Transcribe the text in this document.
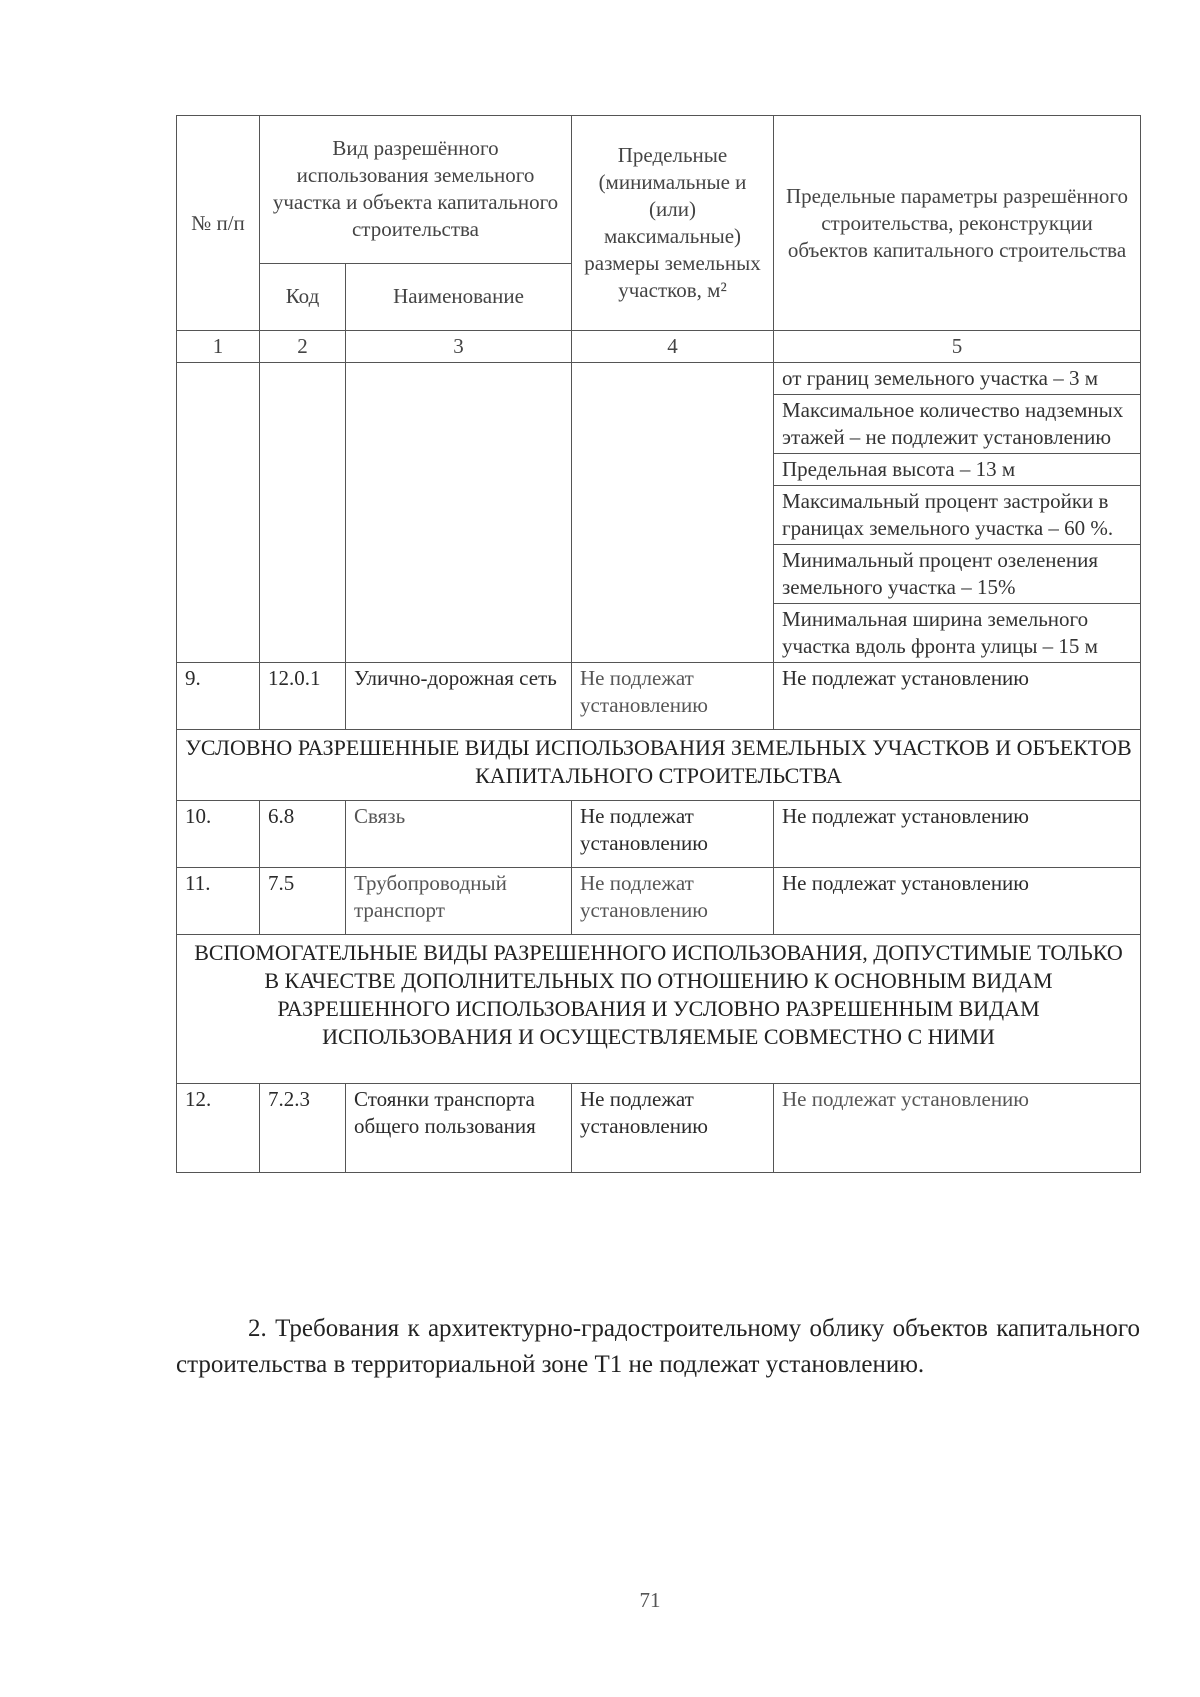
№ п/п	Вид разрешённого использования земельного участка и объекта капитального строительства		Предельные (минимальные и (или) максимальные) размеры земельных участков, м²	Предельные параметры разрешённого строительства, реконструкции объектов капитального строительства
	Код	Наименование		
1	2	3	4	5
				от границ земельного участка – 3 м
				Максимальное количество надземных этажей – не подлежит установлению
				Предельная высота – 13 м
				Максимальный процент застройки в границах земельного участка – 60 %.
				Минимальный процент озеленения земельного участка – 15%
				Минимальная ширина земельного участка вдоль фронта улицы – 15 м
9.	12.0.1	Улично-дорожная сеть	Не подлежат установлению	Не подлежат установлению
УСЛОВНО РАЗРЕШЕННЫЕ ВИДЫ ИСПОЛЬЗОВАНИЯ ЗЕМЕЛЬНЫХ УЧАСТКОВ И ОБЪЕКТОВ КАПИТАЛЬНОГО СТРОИТЕЛЬСТВА				
10.	6.8	Связь	Не подлежат установлению	Не подлежат установлению
11.	7.5	Трубопроводный транспорт	Не подлежат установлению	Не подлежат установлению
ВСПОМОГАТЕЛЬНЫЕ ВИДЫ РАЗРЕШЕННОГО ИСПОЛЬЗОВАНИЯ, ДОПУСТИМЫЕ ТОЛЬКО В КАЧЕСТВЕ ДОПОЛНИТЕЛЬНЫХ ПО ОТНОШЕНИЮ К ОСНОВНЫМ ВИДАМ РАЗРЕШЕННОГО ИСПОЛЬЗОВАНИЯ И УСЛОВНО РАЗРЕШЕННЫМ ВИДАМ ИСПОЛЬЗОВАНИЯ И ОСУЩЕСТВЛЯЕМЫЕ СОВМЕСТНО С НИМИ				
12.	7.2.3	Стоянки транспорта общего пользования	Не подлежат установлению	Не подлежат установлению

2. Требования к архитектурно-градостроительному облику объектов капитального строительства в территориальной зоне Т1 не подлежат установлению.

71
